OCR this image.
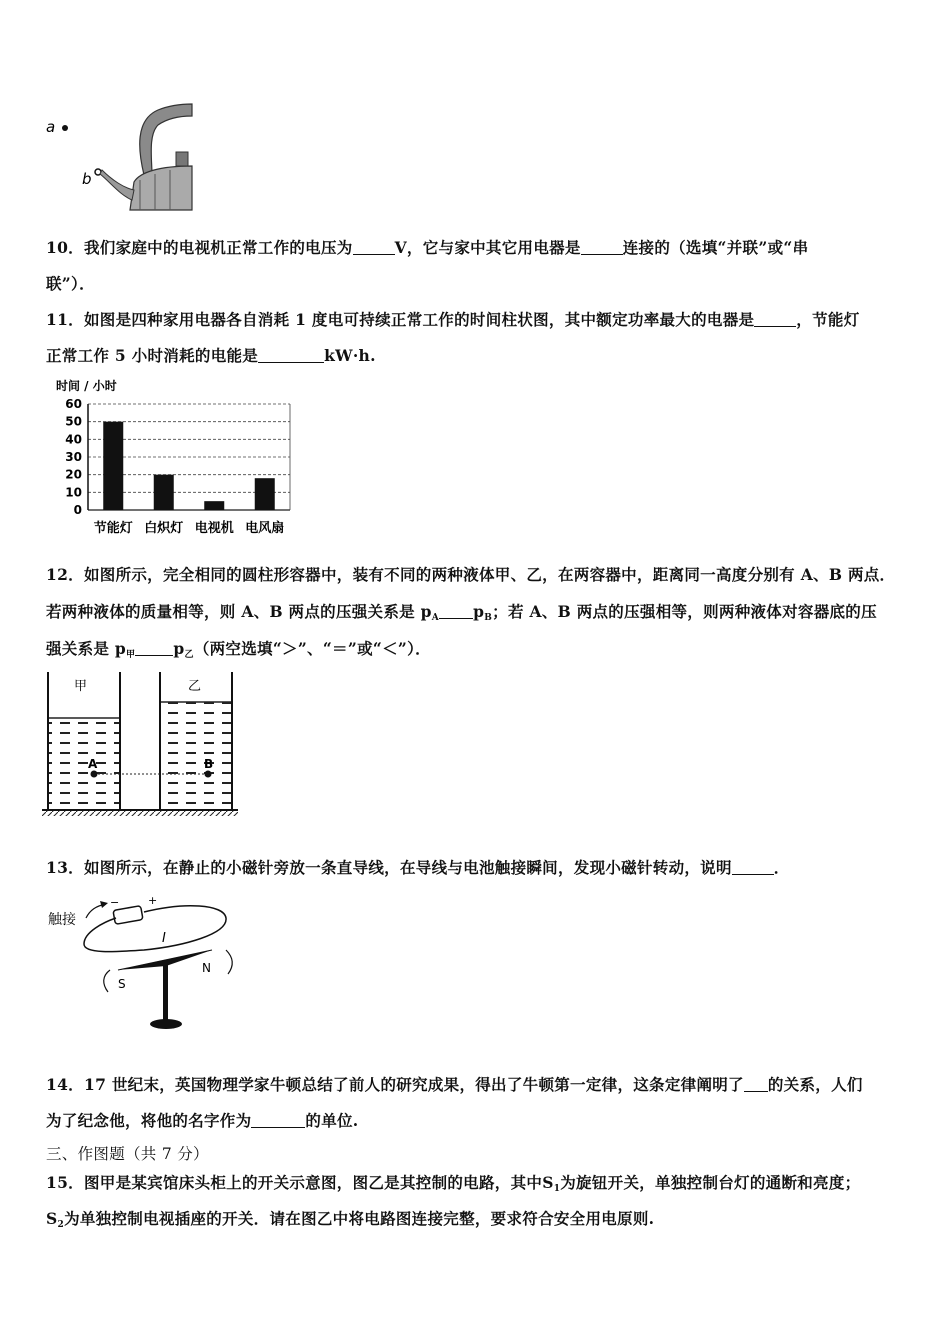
a
b
10．我们家庭中的电视机正常工作的电压为	V，它与家中其它用电器是	连接的（选填“并联”或“串
联”）．
11．如图是四种家用电器各自消耗 1 度电可持续正常工作的时间柱状图，其中额定功率最大的电器是	，节能灯
正常工作 5 小时消耗的电能是	kW·h.
时间 / 小时
60
50
40
30
20
10
0
节能灯 白炽灯 电视机 电风扇
12．如图所示，完全相同的圆柱形容器中，装有不同的两种液体甲、乙，在两容器中，距离同一高度分别有 A、B 两点．
若两种液体的质量相等，则 A、B 两点的压强关系是 $p_A$ $p_B$；若 A、B 两点的压强相等，则两种液体对容器底的压
强关系是 $p_甲$ $p_乙$（两空选填“＞”、“＝”或“＜”）．
甲	乙
A	B
13．如图所示，在静止的小磁针旁放一条直导线，在导线与电池触接瞬间，发现小磁针转动，说明	．
触接
−	+
I
S
N
14．17 世纪末，英国物理学家牛顿总结了前人的研究成果，得出了牛顿第一定律，这条定律阐明了 的关系，人们
为了纪念他，将他的名字作为	的单位.
三、作图题（共 7 分）
15．图甲是某宾馆床头柜上的开关示意图，图乙是其控制的电路，其中$S_1$为旋钮开关，单独控制台灯的通断和亮度；
$S_2$为单独控制电视插座的开关．请在图乙中将电路图连接完整，要求符合安全用电原则.
